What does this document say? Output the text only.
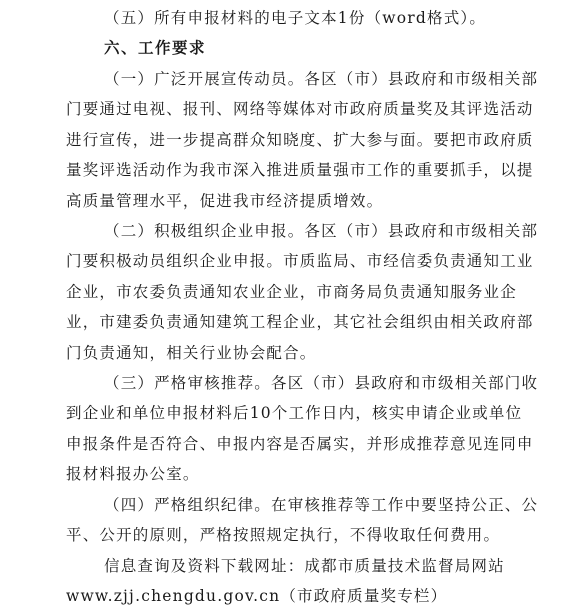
（五）所有申报材料的电子文本1份（word格式）。
六、工作要求
（一）广泛开展宣传动员。各区（市）县政府和市级相关部
门要通过电视、报刊、网络等媒体对市政府质量奖及其评选活动
进行宣传，进一步提高群众知晓度、扩大参与面。要把市政府质
量奖评选活动作为我市深入推进质量强市工作的重要抓手，以提
高质量管理水平，促进我市经济提质增效。
（二）积极组织企业申报。各区（市）县政府和市级相关部
门要积极动员组织企业申报。市质监局、市经信委负责通知工业
企业，市农委负责通知农业企业，市商务局负责通知服务业企
业，市建委负责通知建筑工程企业，其它社会组织由相关政府部
门负责通知，相关行业协会配合。
（三）严格审核推荐。各区（市）县政府和市级相关部门收
到企业和单位申报材料后10个工作日内，核实申请企业或单位
申报条件是否符合、申报内容是否属实，并形成推荐意见连同申
报材料报办公室。
（四）严格组织纪律。在审核推荐等工作中要坚持公正、公
平、公开的原则，严格按照规定执行，不得收取任何费用。
信息查询及资料下载网址：成都市质量技术监督局网站
www.zjj.chengdu.gov.cn（市政府质量奖专栏）
